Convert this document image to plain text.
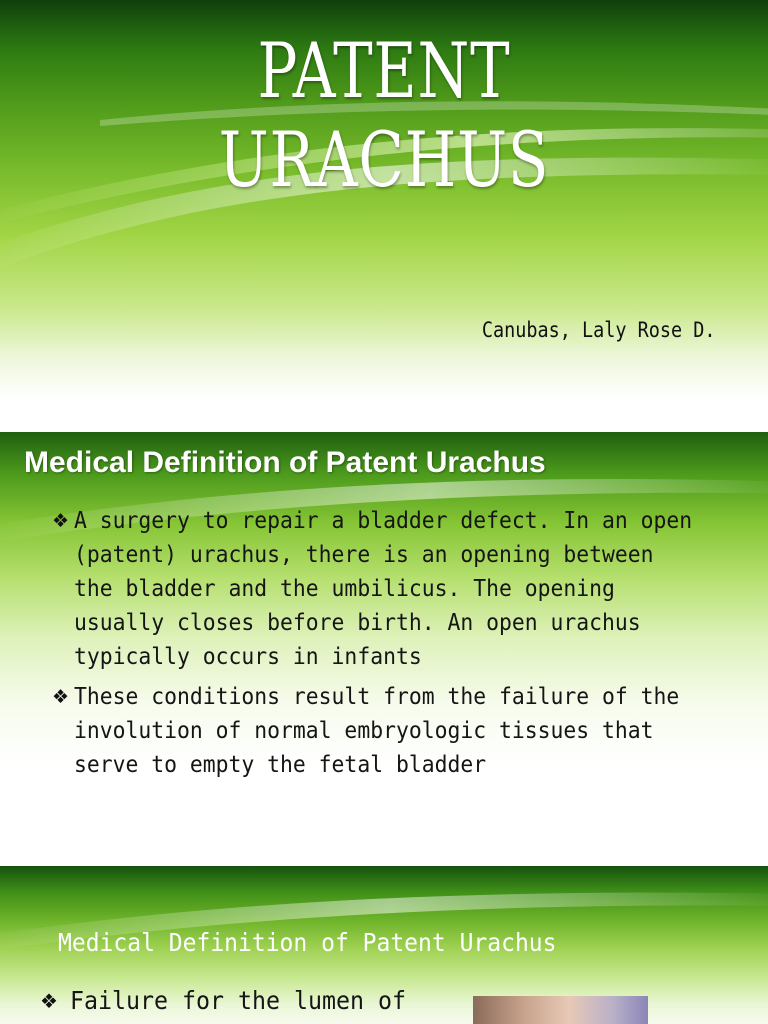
PATENT URACHUS

Canubas, Laly Rose D.

Medical Definition of Patent Urachus
❖ A surgery to repair a bladder defect. In an open (patent) urachus, there is an opening between the bladder and the umbilicus. The opening usually closes before birth. An open urachus typically occurs in infants
❖ These conditions result from the failure of the involution of normal embryologic tissues that serve to empty the fetal bladder
Medical Definition of Patent Urachus
❖ Failure for the lumen of
